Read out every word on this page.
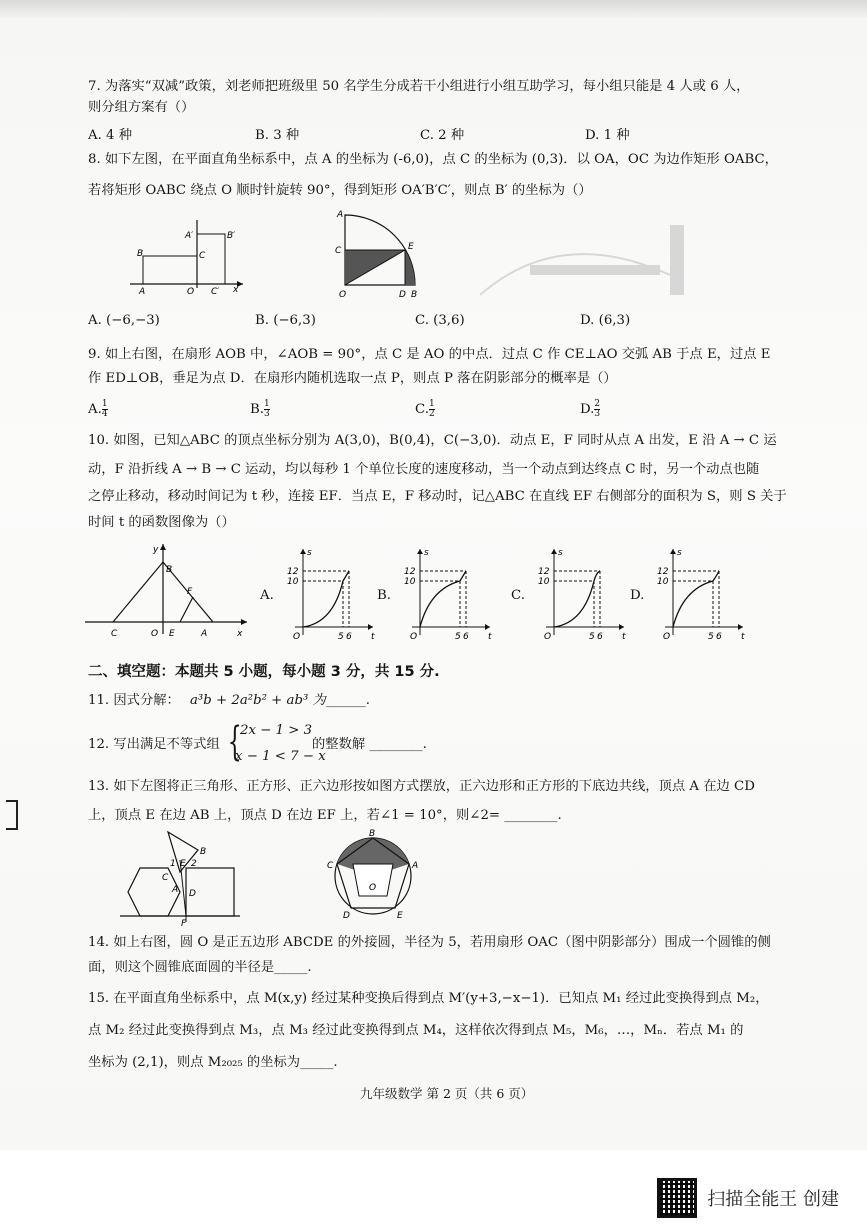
7. 为落实“双减”政策，刘老师把班级里 50 名学生分成若干小组进行小组互助学习，每小组只能是 4 人或 6 人，
则分组方案有（）
A. 4 种	B. 3 种	C. 2 种	D. 1 种
8. 如下左图，在平面直角坐标系中，点 A 的坐标为 (-6,0)，点 C 的坐标为 (0,3)．以 OA，OC 为边作矩形 OABC，
若将矩形 OABC 绕点 O 顺时针旋转 90°，得到矩形 OA′B′C′，则点 B′ 的坐标为（）
B	C
A	O C′
A′	B′
x
A
C	E
O	D B
A. (−6,−3)	B. (−6,3)	C. (3,6)	D. (6,3)
9. 如上右图，在扇形 AOB 中，∠AOB = 90°，点 C 是 AO 的中点．过点 C 作 CE⊥AO 交弧 AB 于点 E，过点 E
作 ED⊥OB，垂足为点 D．在扇形内随机选取一点 P，则点 P 落在阴影部分的概率是（）
A. $\frac{1}{4}$	B. $\frac{1}{3}$	C. $\frac{1}{2}$	D. $\frac{2}{3}$
10. 如图，已知△ABC 的顶点坐标分别为 A(3,0)，B(0,4)，C(−3,0)．动点 E，F 同时从点 A 出发，E 沿 A → C 运
动，F 沿折线 A → B → C 运动，均以每秒 1 个单位长度的速度移动，当一个动点到达终点 C 时，另一个动点也随
之停止移动，移动时间记为 t 秒，连接 EF．当点 E，F 移动时，记△ABC 在直线 EF 右侧部分的面积为 S，则 S 关于
时间 t 的函数图像为（）
y
B
F
C	O E	A	x
A.
s
12
10
O	5 6 t
B.
s
12
10
O	5 6 t
C.
s
12
10
O	5 6 t
D.
s
12
10
O	5 6 t
二、填空题：本题共 5 小题，每小题 3 分，共 15 分.
11. 因式分解： a³b + 2a²b² + ab³ 为______.
12. 写出满足不等式组 {
2x − 1 > 3
x − 1 < 7 − x
的整数解 ________.
13. 如下左图将正三角形、正方形、正六边形按如图方式摆放，正六边形和正方形的下底边共线，顶点 A 在边 CD
上，顶点 E 在边 AB 上，顶点 D 在边 EF 上，若∠1 = 10°，则∠2= ________.
B
1 E 2
C
A D
F
B
C	A
O
D	E
14. 如上右图，圆 O 是正五边形 ABCDE 的外接圆，半径为 5，若用扇形 OAC（图中阴影部分）围成一个圆锥的侧
面，则这个圆锥底面圆的半径是_____.
15. 在平面直角坐标系中，点 M(x,y) 经过某种变换后得到点 M′(y+3,−x−1)．已知点 M₁ 经过此变换得到点 M₂，
点 M₂ 经过此变换得到点 M₃，点 M₃ 经过此变换得到点 M₄，这样依次得到点 M₅，M₆，…，Mₙ．若点 M₁ 的
坐标为 (2,1)，则点 M₂₀₂₅ 的坐标为_____.
九年级数学 第 2 页（共 6 页）
扫描全能王 创建
